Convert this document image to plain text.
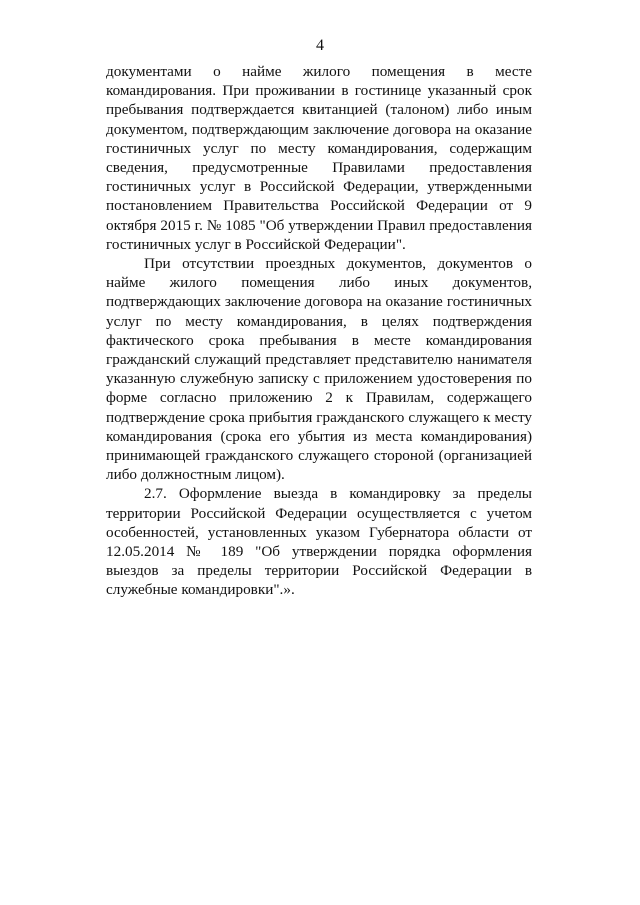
4

документами о найме жилого помещения в месте командирования. При проживании в гостинице указанный срок пребывания подтверждается квитанцией (талоном) либо иным документом, подтверждающим заключение договора на оказание гостиничных услуг по месту командирования, содержащим сведения, предусмотренные Правилами предоставления гостиничных услуг в Российской Федерации, утвержденными постановлением Правительства Российской Федерации от 9 октября 2015 г. № 1085 "Об утверждении Правил предоставления гостиничных услуг в Российской Федерации".

При отсутствии проездных документов, документов о найме жилого помещения либо иных документов, подтверждающих заключение договора на оказание гостиничных услуг по месту командирования, в целях подтверждения фактического срока пребывания в месте командирования гражданский служащий представляет представителю нанимателя указанную служебную записку с приложением удостоверения по форме согласно приложению 2 к Правилам, содержащего подтверждение срока прибытия гражданского служащего к месту командирования (срока его убытия из места командирования) принимающей гражданского служащего стороной (организацией либо должностным лицом).

2.7. Оформление выезда в командировку за пределы территории Российской Федерации осуществляется с учетом особенностей, установленных указом Губернатора области от 12.05.2014 № 189 "Об утверждении порядка оформления выездов за пределы территории Российской Федерации в служебные командировки".».
